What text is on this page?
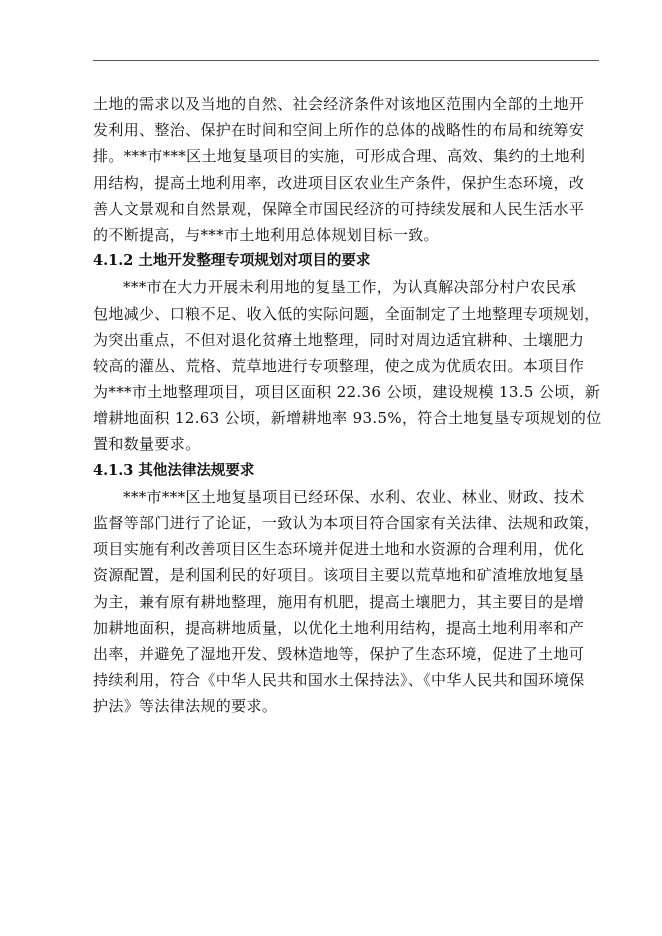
土地的需求以及当地的自然、社会经济条件对该地区范围内全部的土地开
发利用、整治、保护在时间和空间上所作的总体的战略性的布局和统筹安
排。***市***区土地复垦项目的实施，可形成合理、高效、集约的土地利
用结构，提高土地利用率，改进项目区农业生产条件，保护生态环境，改
善人文景观和自然景观，保障全市国民经济的可持续发展和人民生活水平
的不断提高，与***市土地利用总体规划目标一致。
4.1.2 土地开发整理专项规划对项目的要求
***市在大力开展未利用地的复垦工作，为认真解决部分村户农民承
包地减少、口粮不足、收入低的实际问题，全面制定了土地整理专项规划，
为突出重点，不但对退化贫瘠土地整理，同时对周边适宜耕种、土壤肥力
较高的灌丛、荒格、荒草地进行专项整理，使之成为优质农田。本项目作
为***市土地整理项目，项目区面积 22.36 公顷，建设规模 13.5 公顷，新
增耕地面积 12.63 公顷，新增耕地率 93.5%，符合土地复垦专项规划的位
置和数量要求。
4.1.3 其他法律法规要求
***市***区土地复垦项目已经环保、水利、农业、林业、财政、技术
监督等部门进行了论证，一致认为本项目符合国家有关法律、法规和政策，
项目实施有利改善项目区生态环境并促进土地和水资源的合理利用，优化
资源配置，是利国利民的好项目。该项目主要以荒草地和矿渣堆放地复垦
为主，兼有原有耕地整理，施用有机肥，提高土壤肥力，其主要目的是增
加耕地面积，提高耕地质量，以优化土地利用结构，提高土地利用率和产
出率，并避免了湿地开发、毁林造地等，保护了生态环境，促进了土地可
持续利用，符合《中华人民共和国水土保持法》、《中华人民共和国环境保
护法》等法律法规的要求。
